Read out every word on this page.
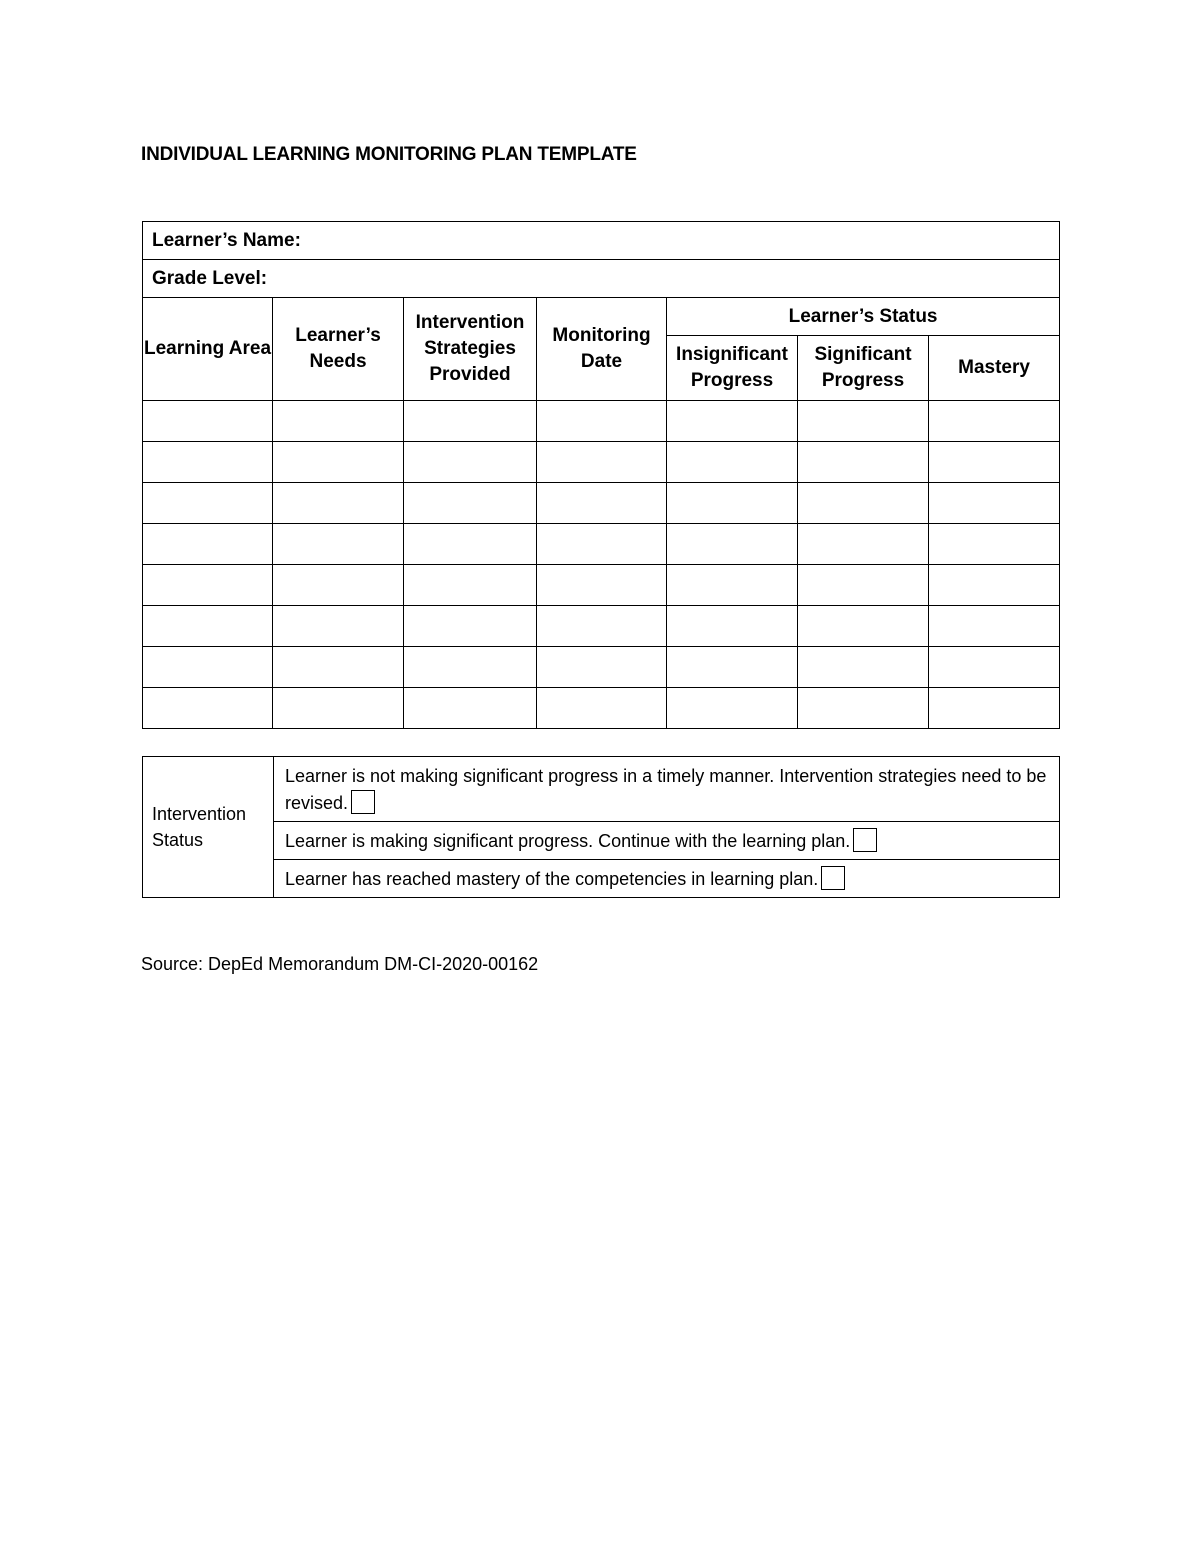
INDIVIDUAL LEARNING MONITORING PLAN TEMPLATE
Learner’s Name:						
Grade Level:						
Learning Area	Learner’s Needs	Intervention Strategies Provided	Monitoring Date	Learner’s Status		
				Insignificant Progress	Significant Progress	Mastery

Intervention Status	Learner is not making significant progress in a timely manner. Intervention strategies need to be revised.
Learner is making significant progress. Continue with the learning plan.
Learner has reached mastery of the competencies in learning plan.
Source: DepEd Memorandum DM-CI-2020-00162
